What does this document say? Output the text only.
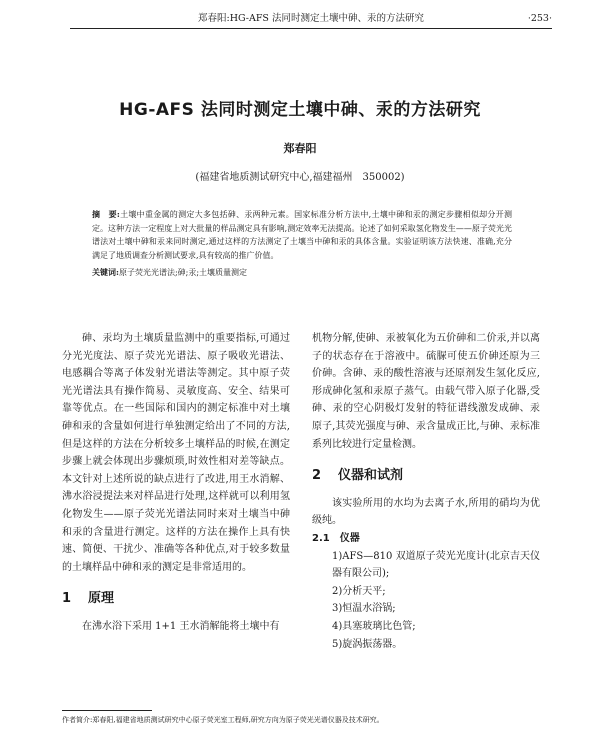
郑春阳:HG-AFS 法同时测定土壤中砷、汞的方法研究	·253·
HG-AFS 法同时测定土壤中砷、汞的方法研究
郑春阳
(福建省地质测试研究中心,福建福州　350002)
摘　要:土壤中重金属的测定大多包括砷、汞两种元素。国家标准分析方法中,土壤中砷和汞的测定步骤相似却分开测定。这种方法一定程度上对大批量的样品测定具有影响,测定效率无法提高。论述了如何采取氢化物发生——原子荧光光谱法对土壤中砷和汞来同时测定,通过这样的方法测定了土壤当中砷和汞的具体含量。实验证明该方法快速、准确,充分满足了地质调查分析测试要求,具有较高的推广价值。
关键词:原子荧光光谱法;砷;汞;土壤质量测定

砷、汞均为土壤质量监测中的重要指标,可通过分光光度法、原子荧光光谱法、原子吸收光谱法、电感耦合等离子体发射光谱法等测定。其中原子荧光光谱法具有操作简易、灵敏度高、安全、结果可靠等优点。在一些国际和国内的测定标准中对土壤砷和汞的含量如何进行单独测定给出了不同的方法,但是这样的方法在分析较多土壤样品的时候,在测定步骤上就会体现出步骤烦琐,时效性相对差等缺点。本文针对上述所说的缺点进行了改进,用王水消解、沸水浴浸提法来对样品进行处理,这样就可以利用氢化物发生——原子荧光光谱法同时来对土壤当中砷和汞的含量进行测定。这样的方法在操作上具有快速、简便、干扰少、准确等各种优点,对于较多数量的土壤样品中砷和汞的测定是非常适用的。

1 原理

在沸水浴下采用 1+1 王水消解能将土壤中有

机物分解,使砷、汞被氧化为五价砷和二价汞,并以离子的状态存在于溶液中。硫脲可使五价砷还原为三价砷。含砷、汞的酸性溶液与还原剂发生氢化反应,形成砷化氢和汞原子蒸气。由载气带入原子化器,受砷、汞的空心阴极灯发射的特征谱线激发成砷、汞原子,其荧光强度与砷、汞含量成正比,与砷、汞标准系列比较进行定量检测。

2 仪器和试剂

该实验所用的水均为去离子水,所用的硝均为优级纯。

2.1　 仪器

1)AFS—810 双道原子荧光光度计(北京吉天仪器有限公司);

2)分析天平;

3)恒温水浴锅;

4)具塞玻璃比色管;

5)旋涡振荡器。

作者简介:郑春阳,福建省地质测试研究中心原子荧光室工程师,研究方向为原子荧光光谱仪器及技术研究。
